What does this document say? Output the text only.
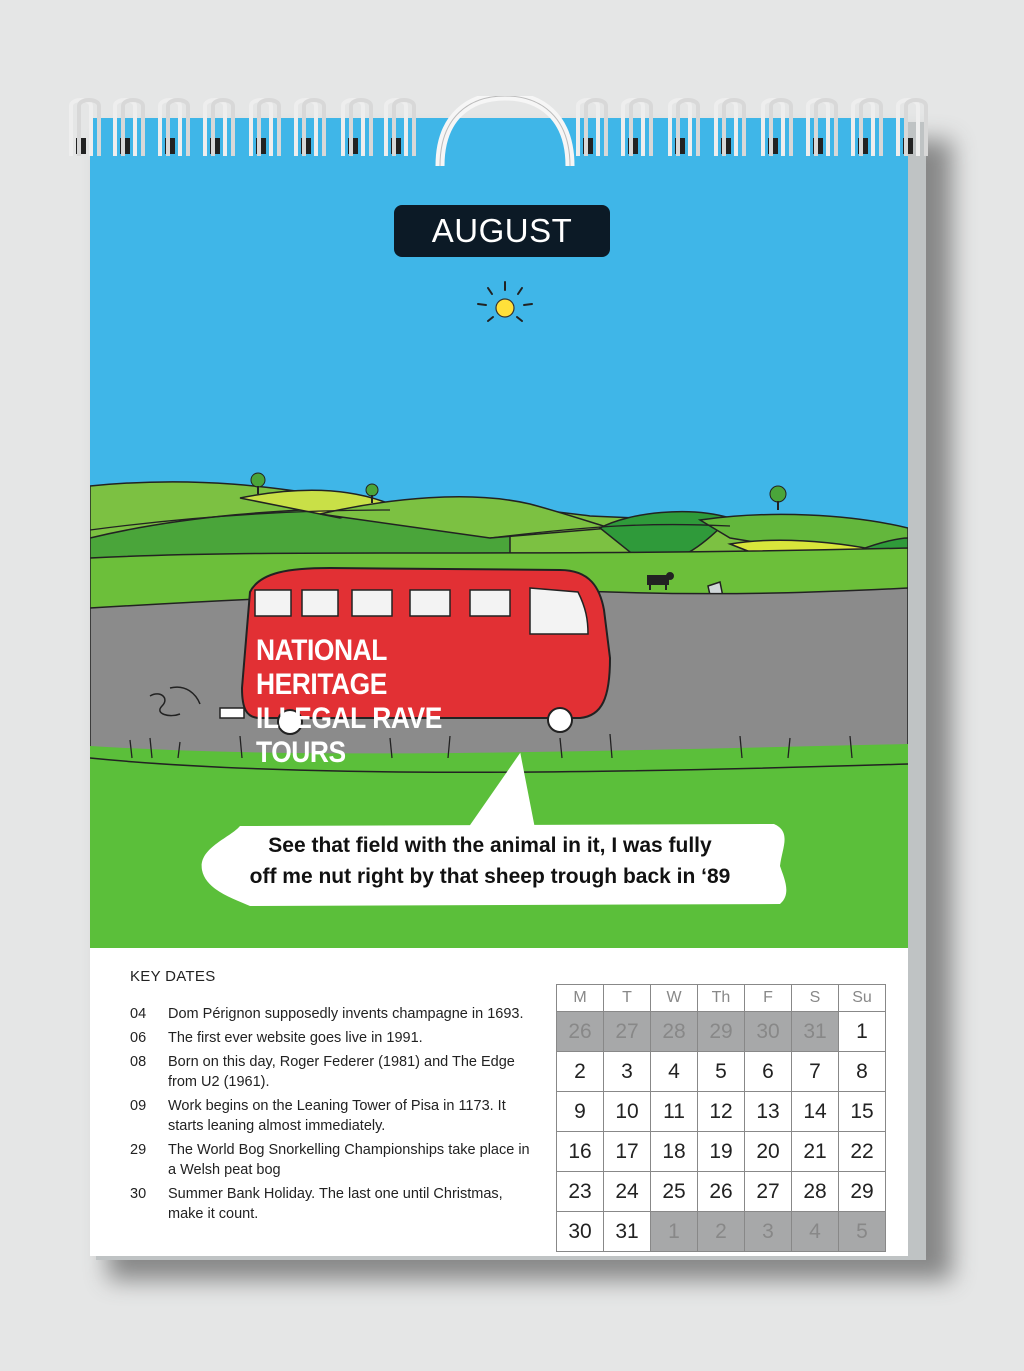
AUGUST
NATIONAL HERITAGE
ILLEGAL RAVE TOURS
See that field with the animal in it, I was fully
off me nut right by that sheep trough back in ‘89
KEY DATES
04	Dom Pérignon supposedly invents champagne in 1693.
06	The first ever website goes live in 1991.
08	Born on this day, Roger Federer (1981) and The Edge from U2 (1961).
09	Work begins on the Leaning Tower of Pisa in 1173. It starts leaning almost immediately.
29	The World Bog Snorkelling Championships take place in a Welsh peat bog
30	Summer Bank Holiday. The last one until Christmas, make it count.
M	T	W	Th	F	S	Su
26	27	28	29	30	31	1
2	3	4	5	6	7	8
9	10	11	12	13	14	15
16	17	18	19	20	21	22
23	24	25	26	27	28	29
30	31	1	2	3	4	5
